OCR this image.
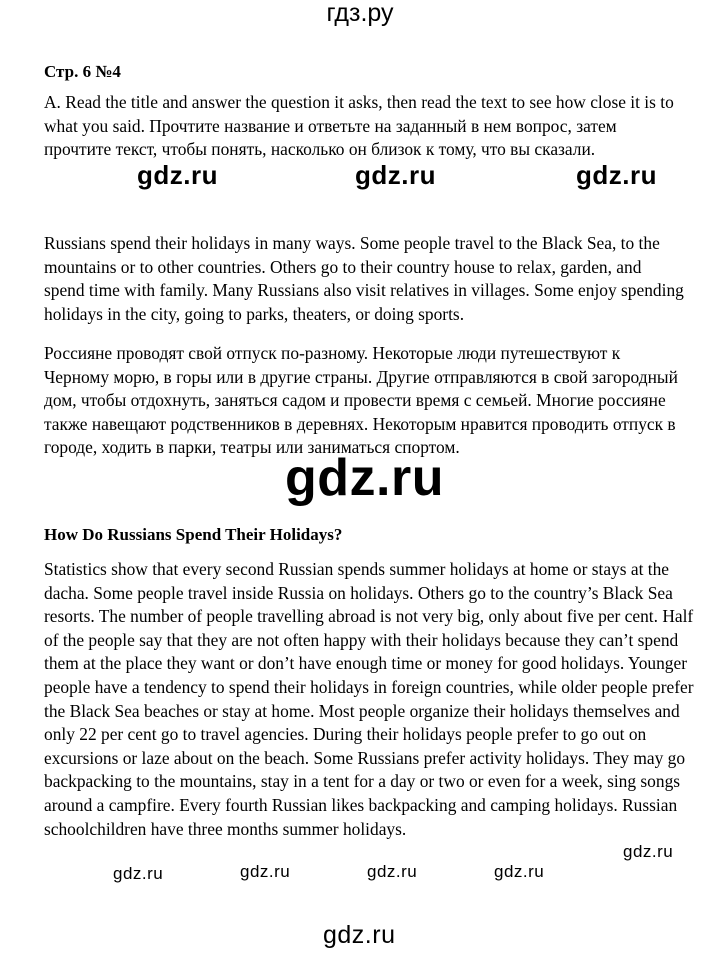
гдз.ру
Стр. 6 №4

A. Read the title and answer the question it asks, then read the text to see how close it is to what you said. Прочтите название и ответьте на заданный в нем вопрос, затем прочтите текст, чтобы понять, насколько он близок к тому, что вы сказали.

Russians spend their holidays in many ways. Some people travel to the Black Sea, to the mountains or to other countries. Others go to their country house to relax, garden, and spend time with family. Many Russians also visit relatives in villages. Some enjoy spending holidays in the city, going to parks, theaters, or doing sports.

Россияне проводят свой отпуск по-разному. Некоторые люди путешествуют к Черному морю, в горы или в другие страны. Другие отправляются в свой загородный дом, чтобы отдохнуть, заняться садом и провести время с семьей. Многие россияне также навещают родственников в деревнях. Некоторым нравится проводить отпуск в городе, ходить в парки, театры или заниматься спортом.

How Do Russians Spend Their Holidays?

Statistics show that every second Russian spends summer holidays at home or stays at the dacha. Some people travel inside Russia on holidays. Others go to the country’s Black Sea resorts. The number of people travelling abroad is not very big, only about five per cent. Half of the people say that they are not often happy with their holidays because they can’t spend them at the place they want or don’t have enough time or money for good holidays. Younger people have a tendency to spend their holidays in foreign countries, while older people prefer the Black Sea beaches or stay at home. Most people organize their holidays themselves and only 22 per cent go to travel agencies. During their holidays people prefer to go out on excursions or laze about on the beach. Some Russians prefer activity holidays. They may go backpacking to the mountains, stay in a tent for a day or two or even for a week, sing songs around a campfire. Every fourth Russian likes backpacking and camping holidays. Russian schoolchildren have three months summer holidays.

gdz.ru	gdz.ru	gdz.ru
gdz.ru
gdz.ru
gdz.ru	gdz.ru	gdz.ru	gdz.ru
gdz.ru
